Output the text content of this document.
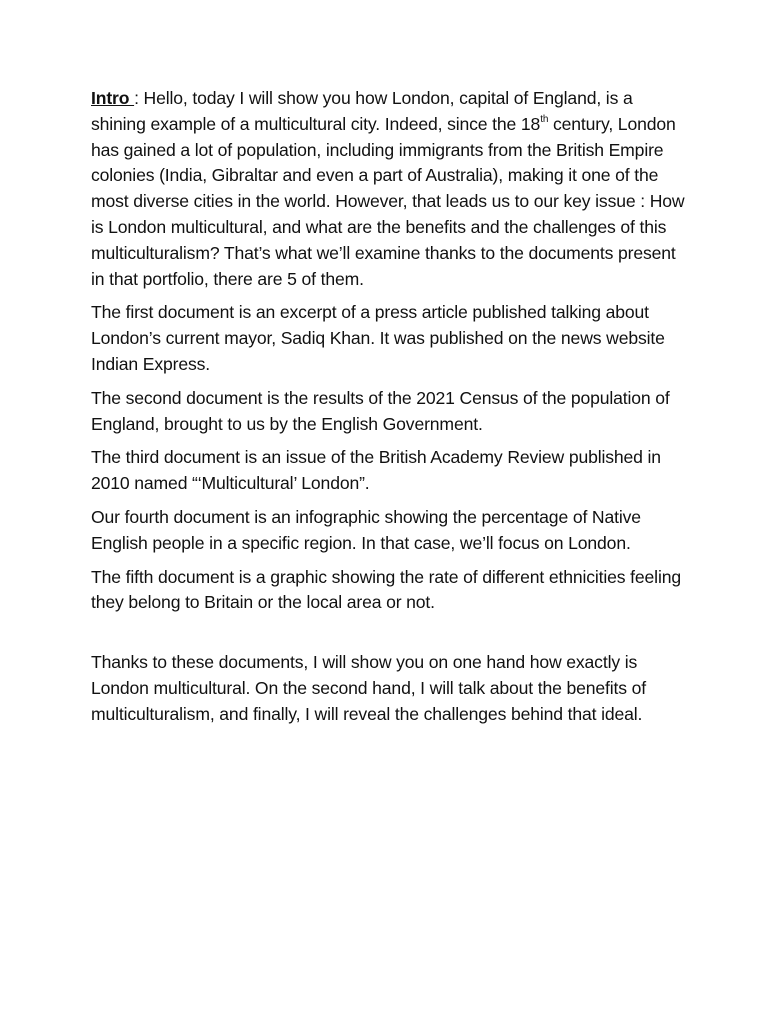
Intro : Hello, today I will show you how London, capital of England, is a shining example of a multicultural city. Indeed, since the 18th century, London has gained a lot of population, including immigrants from the British Empire colonies (India, Gibraltar and even a part of Australia), making it one of the most diverse cities in the world. However, that leads us to our key issue : How is London multicultural, and what are the benefits and the challenges of this multiculturalism? That’s what we’ll examine thanks to the documents present in that portfolio, there are 5 of them.

The first document is an excerpt of a press article published talking about London’s current mayor, Sadiq Khan. It was published on the news website Indian Express.

The second document is the results of the 2021 Census of the population of England, brought to us by the English Government.

The third document is an issue of the British Academy Review published in 2010 named “‘Multicultural’ London”.

Our fourth document is an infographic showing the percentage of Native English people in a specific region. In that case, we’ll focus on London.

The fifth document is a graphic showing the rate of different ethnicities feeling they belong to Britain or the local area or not.

Thanks to these documents, I will show you on one hand how exactly is London multicultural. On the second hand, I will talk about the benefits of multiculturalism, and finally, I will reveal the challenges behind that ideal.
